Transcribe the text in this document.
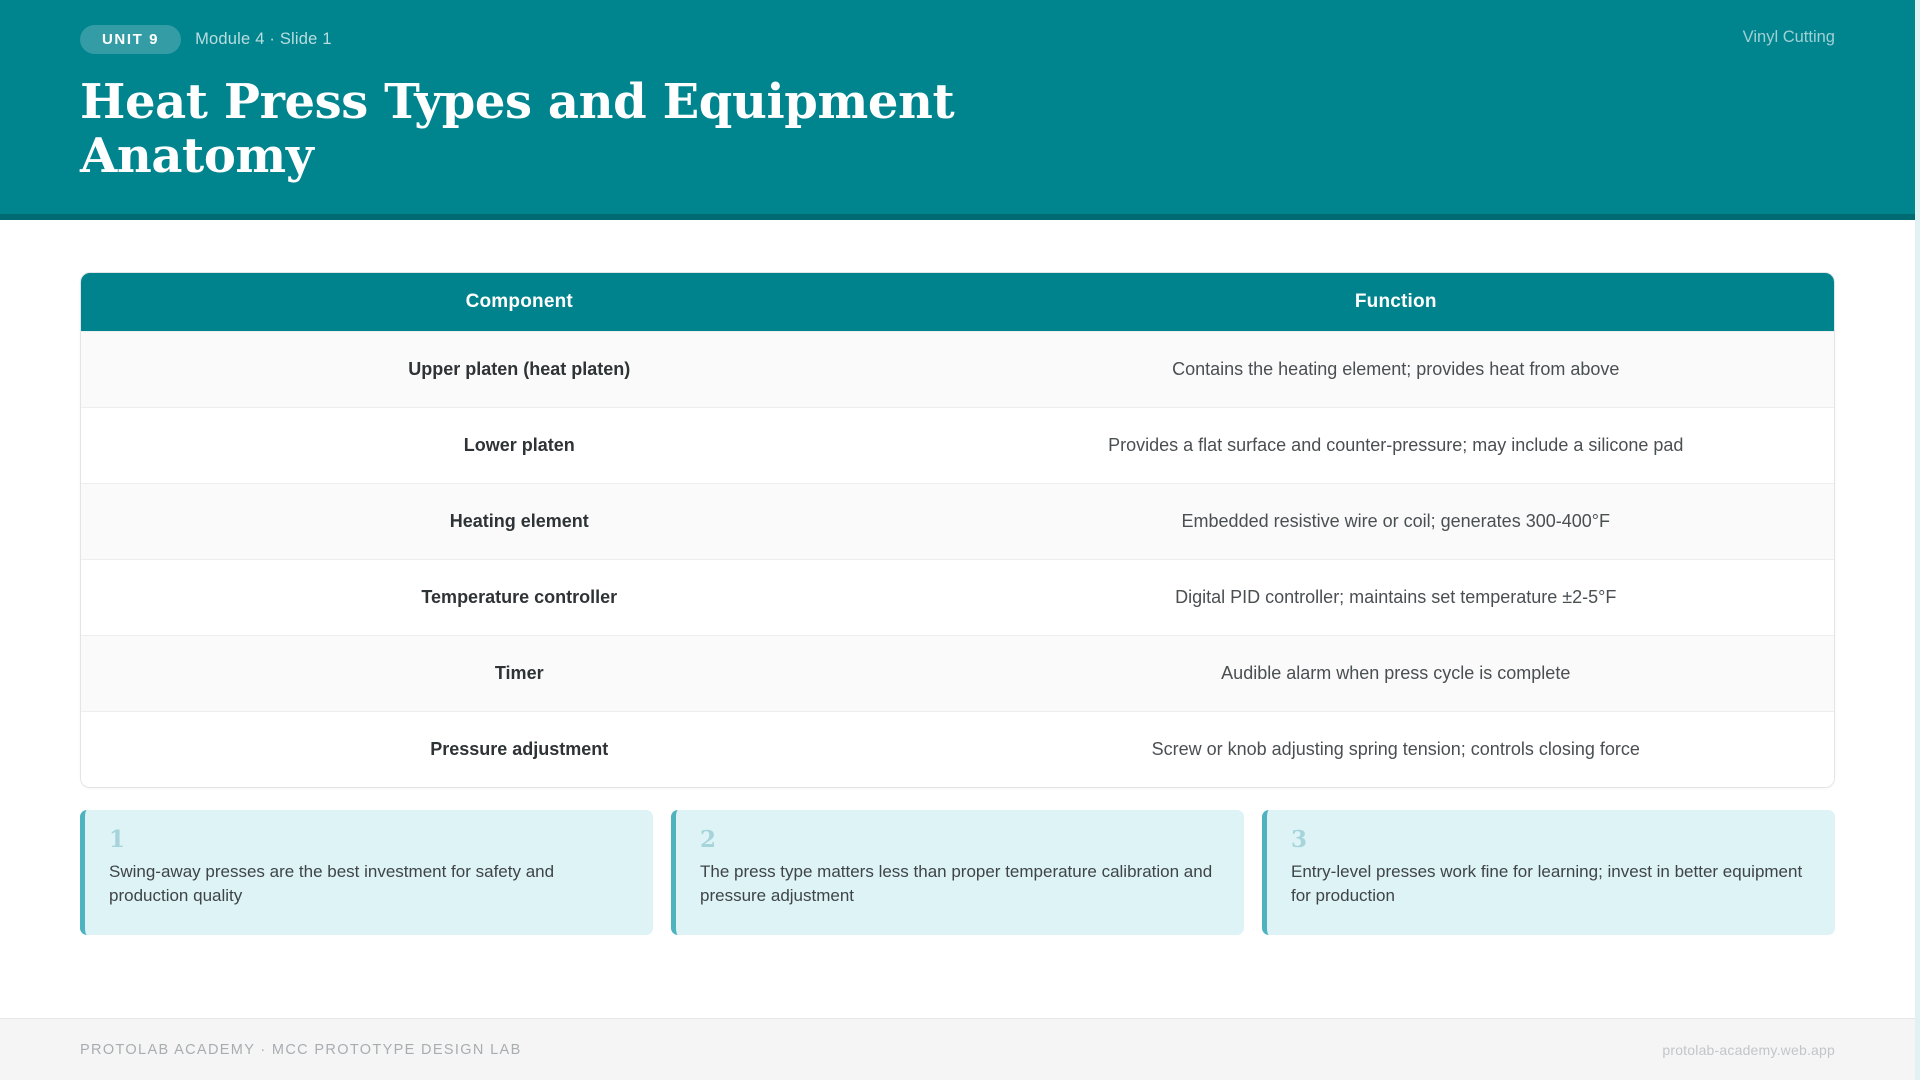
UNIT 9	Module 4 · Slide 1	Vinyl Cutting
Heat Press Types and Equipment Anatomy
Component	Function
Upper platen (heat platen)	Contains the heating element; provides heat from above
Lower platen	Provides a flat surface and counter-pressure; may include a silicone pad
Heating element	Embedded resistive wire or coil; generates 300-400°F
Temperature controller	Digital PID controller; maintains set temperature ±2-5°F
Timer	Audible alarm when press cycle is complete
Pressure adjustment	Screw or knob adjusting spring tension; controls closing force
1
Swing-away presses are the best investment for safety and production quality
2
The press type matters less than proper temperature calibration and pressure adjustment
3
Entry-level presses work fine for learning; invest in better equipment for production
PROTOLAB ACADEMY · MCC PROTOTYPE DESIGN LAB	protolab-academy.web.app
